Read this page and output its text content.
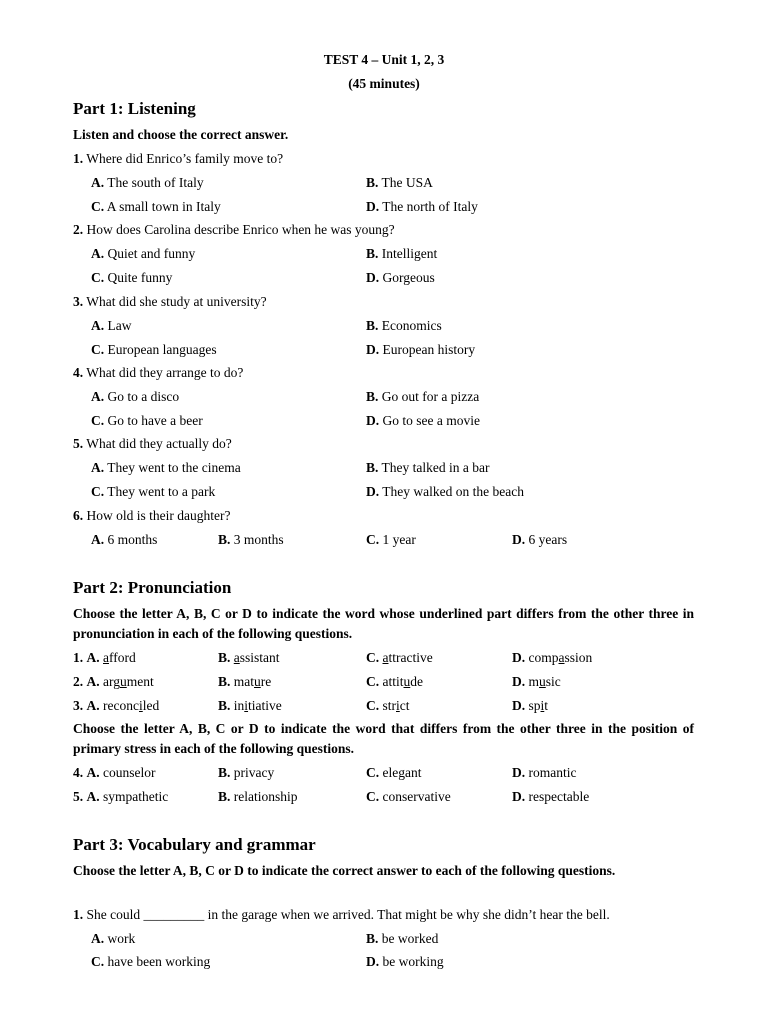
TEST 4 – Unit 1, 2, 3
(45 minutes)
Part 1: Listening
Listen and choose the correct answer.
1. Where did Enrico’s family move to?
A. The south of Italy	B. The USA
C. A small town in Italy	D. The north of Italy
2. How does Carolina describe Enrico when he was young?
A. Quiet and funny	B. Intelligent
C. Quite funny	D. Gorgeous
3. What did she study at university?
A. Law	B. Economics
C. European languages	D. European history
4. What did they arrange to do?
A. Go to a disco	B. Go out for a pizza
C. Go to have a beer	D. Go to see a movie
5. What did they actually do?
A. They went to the cinema	B. They talked in a bar
C. They went to a park	D. They walked on the beach
6. How old is their daughter?
A. 6 months	B. 3 months	C. 1 year	D. 6 years
Part 2: Pronunciation
Choose the letter A, B, C or D to indicate the word whose underlined part differs from the other three in pronunciation in each of the following questions.
1. A. afford	B. assistant	C. attractive	D. compassion
2. A. argument	B. mature	C. attitude	D. music
3. A. reconciled	B. initiative	C. strict	D. spit
Choose the letter A, B, C or D to indicate the word that differs from the other three in the position of primary stress in each of the following questions.
4. A. counselor	B. privacy	C. elegant	D. romantic
5. A. sympathetic	B. relationship	C. conservative	D. respectable
Part 3: Vocabulary and grammar
Choose the letter A, B, C or D to indicate the correct answer to each of the following questions.
1. She could _________ in the garage when we arrived. That might be why she didn’t hear the bell.
A. work	B. be worked
C. have been working	D. be working
